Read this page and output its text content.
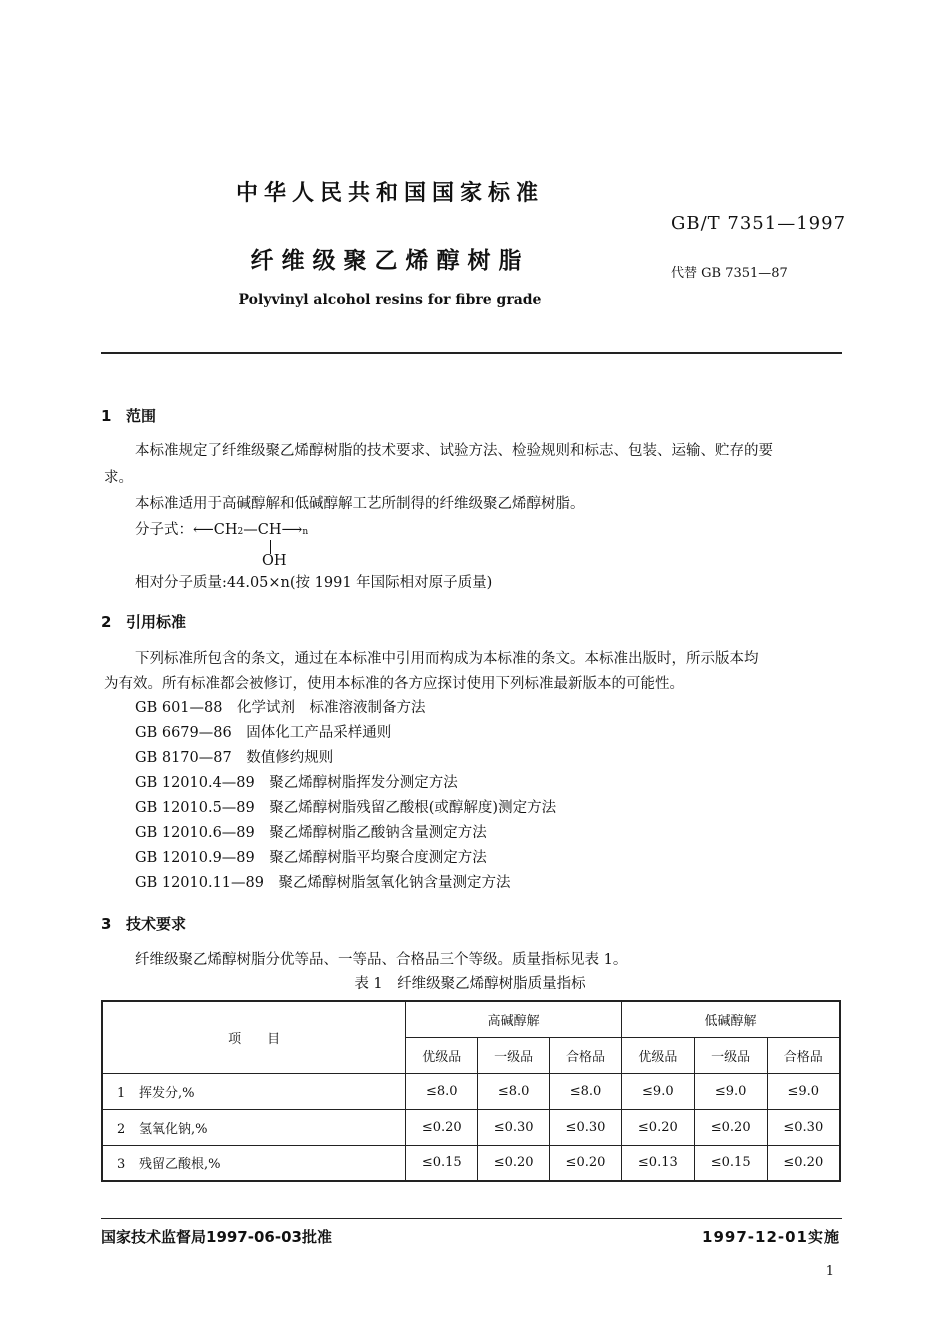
中华人民共和国国家标准
GB/T 7351—1997
纤维级聚乙烯醇树脂	代替 GB 7351—87
Polyvinyl alcohol resins for fibre grade
1 范围
本标准规定了纤维级聚乙烯醇树脂的技术要求、试验方法、检验规则和标志、包装、运输、贮存的要
求。
本标准适用于高碱醇解和低碱醇解工艺所制得的纤维级聚乙烯醇树脂。
分子式：⟵CH2—CH⟶n
OH
相对分子质量:44.05×n(按 1991 年国际相对原子质量)
2 引用标准
下列标准所包含的条文，通过在本标准中引用而构成为本标准的条文。本标准出版时，所示版本均
为有效。所有标准都会被修订，使用本标准的各方应探讨使用下列标准最新版本的可能性。
GB 601—88　化学试剂　标准溶液制备方法
GB 6679—86　固体化工产品采样通则
GB 8170—87　数值修约规则
GB 12010.4—89　聚乙烯醇树脂挥发分测定方法
GB 12010.5—89　聚乙烯醇树脂残留乙酸根(或醇解度)测定方法
GB 12010.6—89　聚乙烯醇树脂乙酸钠含量测定方法
GB 12010.9—89　聚乙烯醇树脂平均聚合度测定方法
GB 12010.11—89　聚乙烯醇树脂氢氧化钠含量测定方法
3 技术要求
纤维级聚乙烯醇树脂分优等品、一等品、合格品三个等级。质量指标见表 1。
表 1　纤维级聚乙烯醇树脂质量指标
项　　目	高碱醇解			低碱醇解		
	优级品	一级品	合格品	优级品	一级品	合格品
1 挥发分,%	≤8.0	≤8.0	≤8.0	≤9.0	≤9.0	≤9.0
2 氢氧化钠,%	≤0.20	≤0.30	≤0.30	≤0.20	≤0.20	≤0.30
3 残留乙酸根,%	≤0.15	≤0.20	≤0.20	≤0.13	≤0.15	≤0.20
国家技术监督局1997-06-03批准	1997-12-01实施
1
